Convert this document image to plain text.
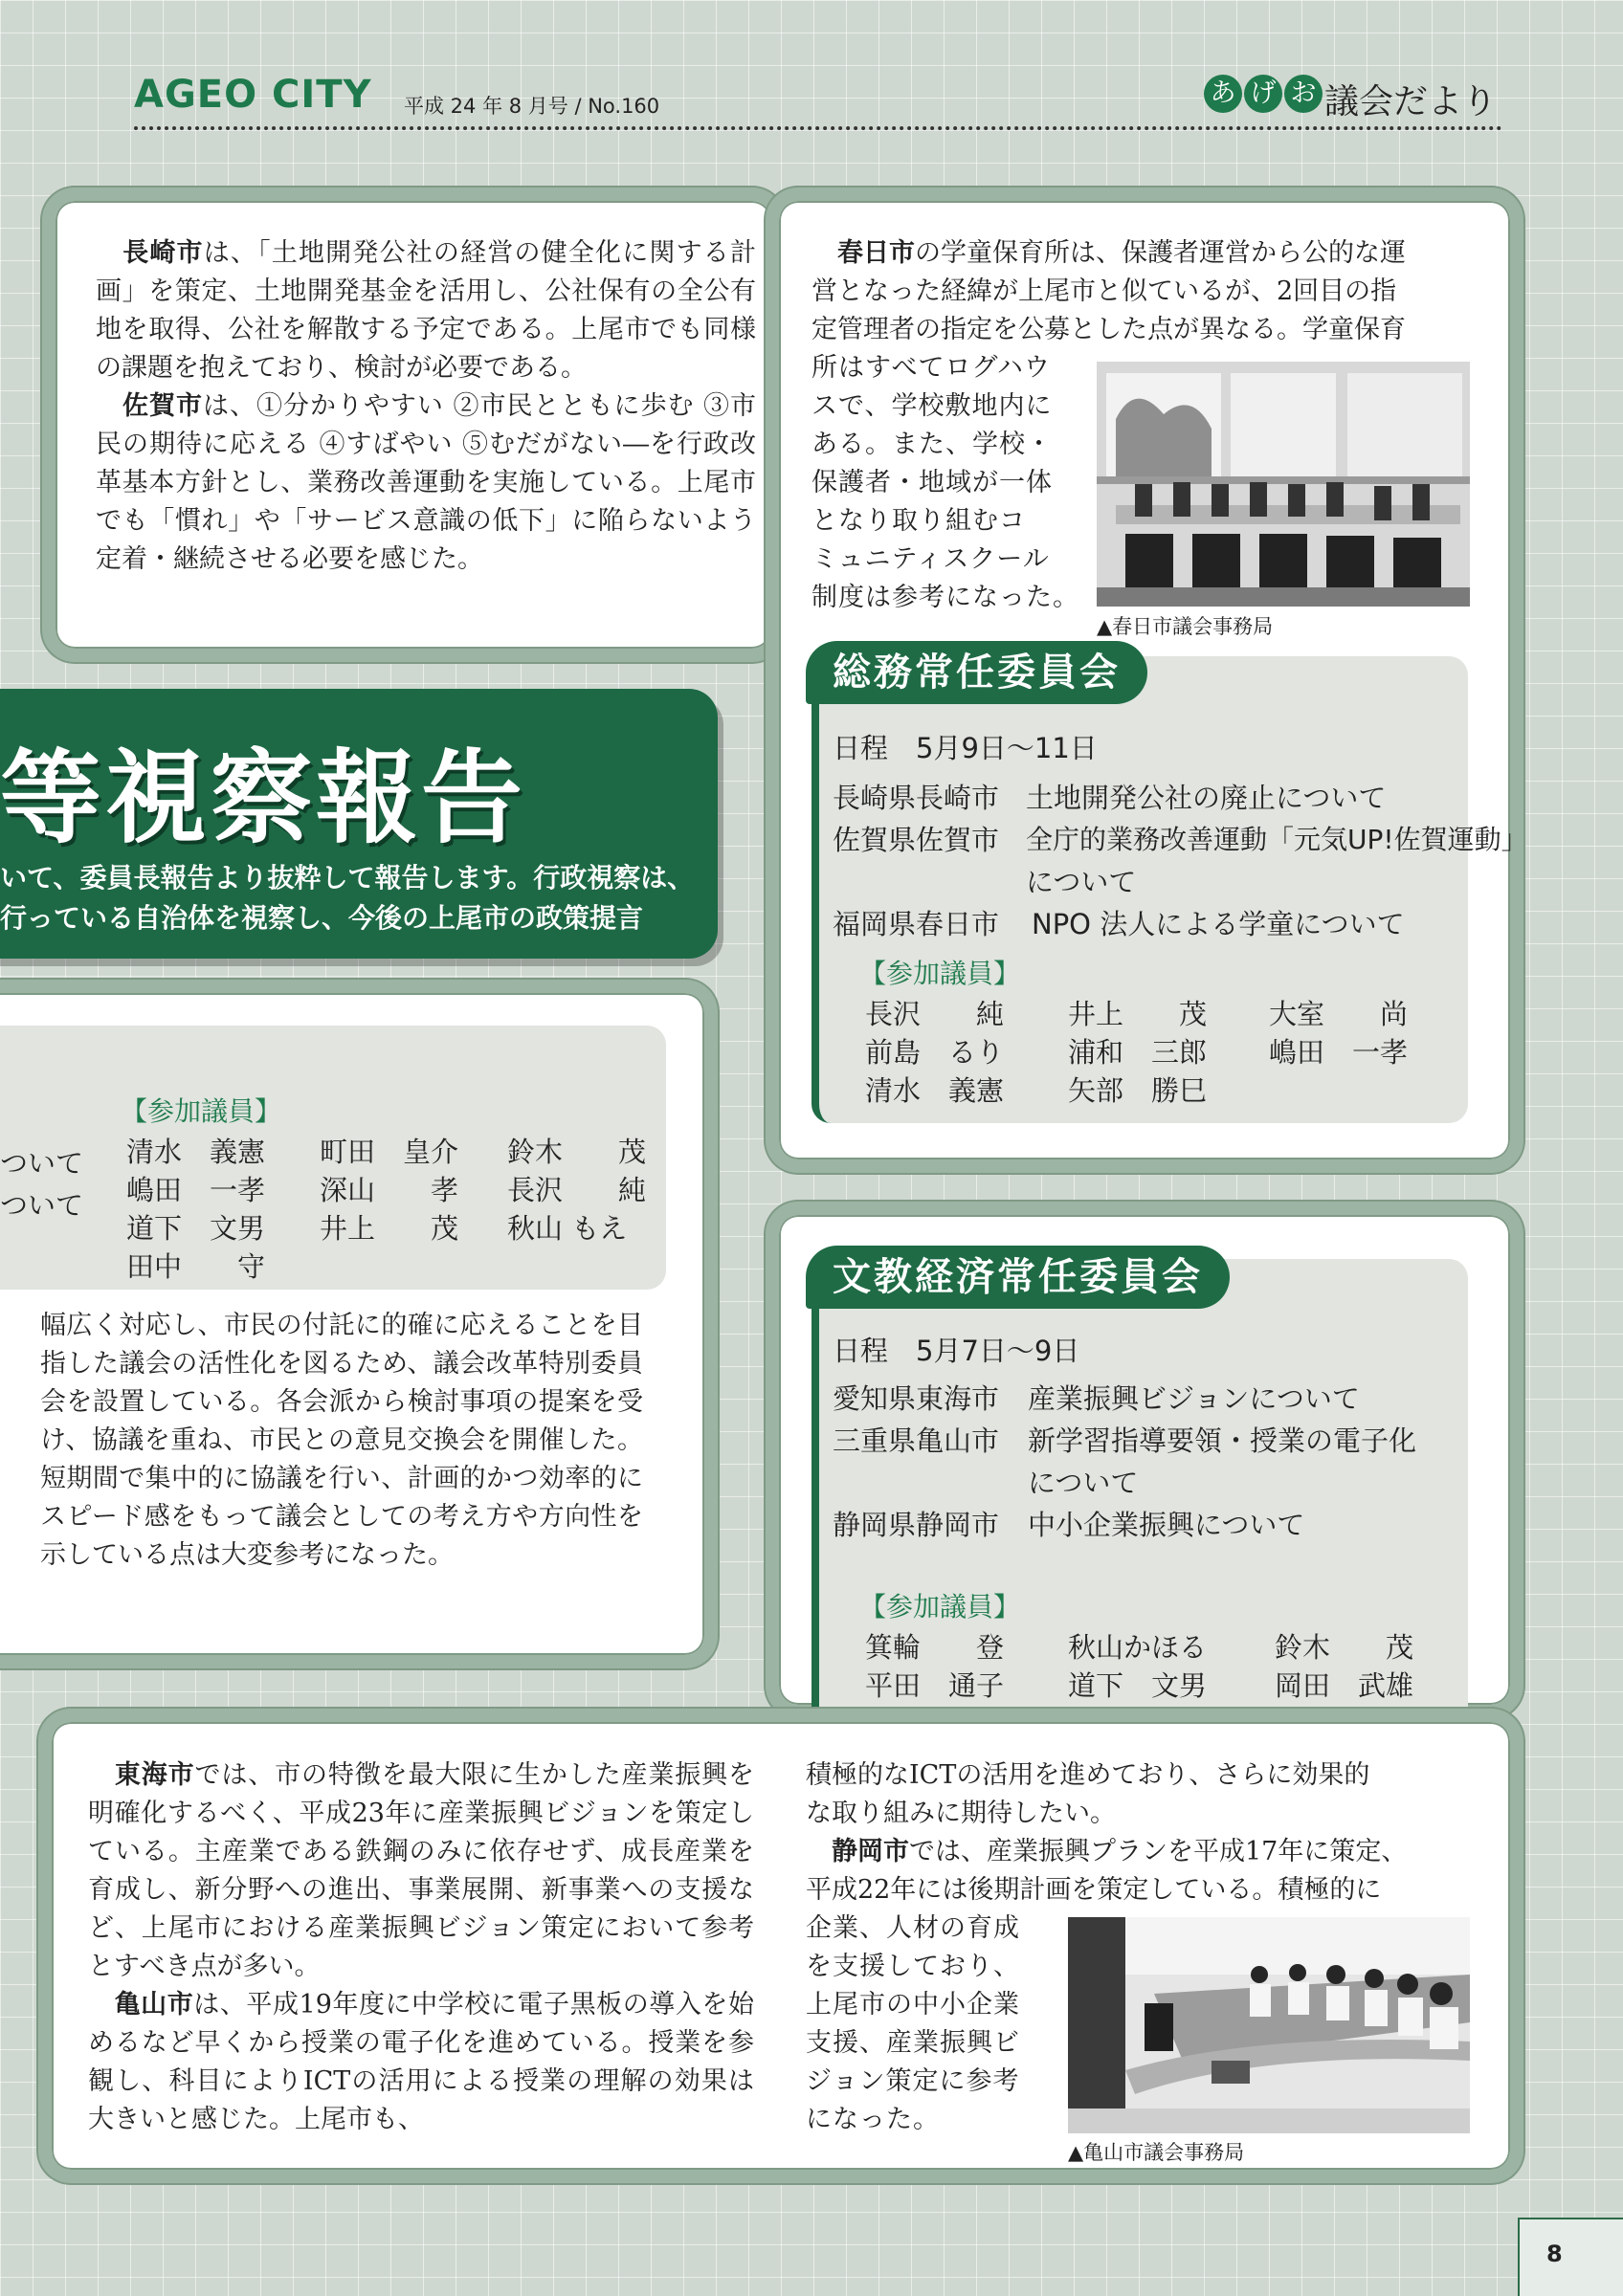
AGEO CITY 平成 24 年 8 月号 / No.160	あ げ お 議会だより
長崎市は、「土地開発公社の経営の健全化に関する計画」を策定、土地開発基金を活用し、公社保有の全公有地を取得、公社を解散する予定である。上尾市でも同様の課題を抱えており、検討が必要である。
佐賀市は、①分かりやすい ②市民とともに歩む ③市民の期待に応える ④すばやい ⑤むだがない―を行政改革基本方針とし、業務改善運動を実施している。上尾市でも「慣れ」や「サービス意識の低下」に陥らないよう定着・継続させる必要を感じた。
春日市の学童保育所は、保護者運営から公的な運
営となった経緯が上尾市と似ているが、2回目の指
定管理者の指定を公募とした点が異なる。学童保育
所はすべてログハウ
スで、学校敷地内に
ある。また、学校・
保護者・地域が一体
となり取り組むコ
ミュニティスクール
制度は参考になった。
▲春日市議会事務局
総務常任委員会
日程　5月9日～11日
長崎県長崎市 土地開発公社の廃止について
佐賀県佐賀市 全庁的業務改善運動「元気UP!佐賀運動」
について
福岡県春日市 NPO 法人による学童について
【参加議員】
長沢　　純 井上　　茂 大室　　尚
前島　るり 浦和　三郎 嶋田　一孝
清水　義憲 矢部　勝巳
等視察報告
いて、委員長報告より抜粋して報告します。行政視察は、
行っている自治体を視察し、今後の上尾市の政策提言
ついて
ついて
【参加議員】
清水　義憲 町田　皇介 鈴木　　茂
嶋田　一孝 深山　　孝 長沢　　純
道下　文男 井上　　茂 秋山 もえ
田中　　守
幅広く対応し、市民の付託に的確に応えることを目指した議会の活性化を図るため、議会改革特別委員会を設置している。各会派から検討事項の提案を受け、協議を重ね、市民との意見交換会を開催した。短期間で集中的に協議を行い、計画的かつ効率的にスピード感をもって議会としての考え方や方向性を示している点は大変参考になった。
文教経済常任委員会
日程　5月7日～9日
愛知県東海市 産業振興ビジョンについて
三重県亀山市 新学習指導要領・授業の電子化
について
静岡県静岡市 中小企業振興について
【参加議員】
箕輪　　登 秋山かほる 鈴木　　茂
平田　通子 道下　文男 岡田　武雄
東海市では、市の特徴を最大限に生かした産業振興を明確化するべく、平成23年に産業振興ビジョンを策定している。主産業である鉄鋼のみに依存せず、成長産業を育成し、新分野への進出、事業展開、新事業への支援など、上尾市における産業振興ビジョン策定において参考とすべき点が多い。
亀山市は、平成19年度に中学校に電子黒板の導入を始めるなど早くから授業の電子化を進めている。授業を参観し、科目によりICTの活用による授業の理解の効果は大きいと感じた。上尾市も、
積極的なICTの活用を進めており、さらに効果的
な取り組みに期待したい。
静岡市では、産業振興プランを平成17年に策定、
平成22年には後期計画を策定している。積極的に
企業、人材の育成
を支援しており、
上尾市の中小企業
支援、産業振興ビ
ジョン策定に参考
になった。
▲亀山市議会事務局
8
